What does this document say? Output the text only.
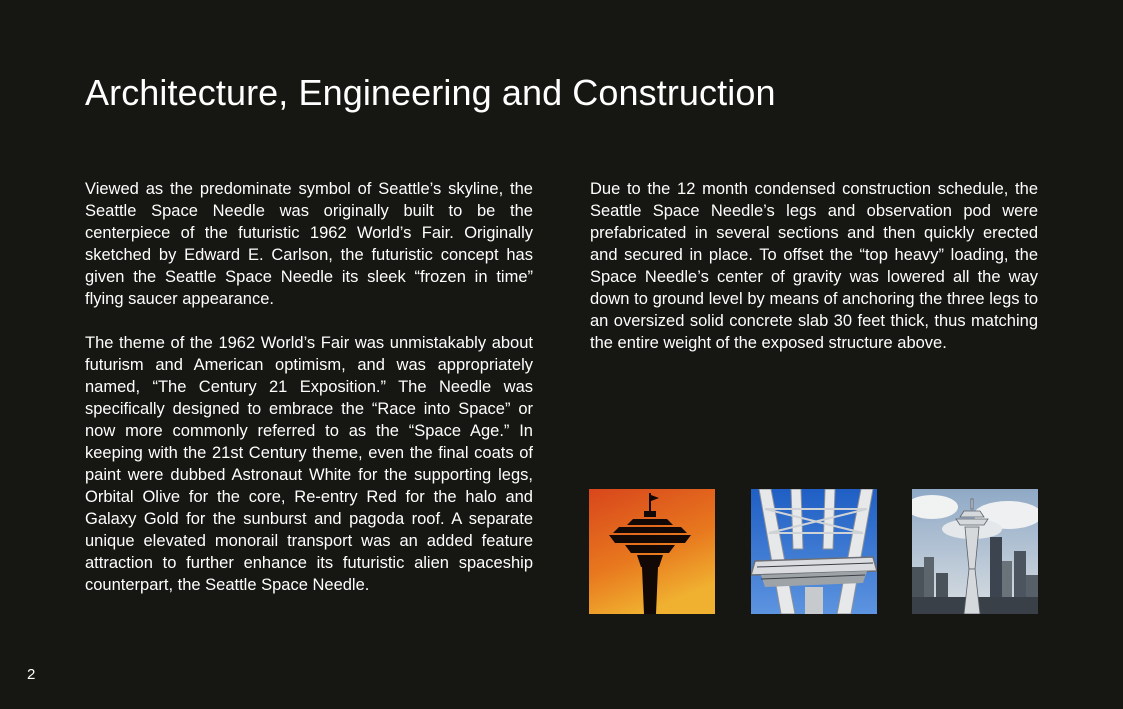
Architecture, Engineering and Construction

Viewed as the predominate symbol of Seattle’s skyline, the Seattle Space Needle was originally built to be the centerpiece of the futuristic 1962 World’s Fair. Originally sketched by Edward E. Carlson, the futuristic concept has given the Seattle Space Needle its sleek “frozen in time” flying saucer appearance.

The theme of the 1962 World’s Fair was unmistakably about futurism and American optimism, and was appropriately named, “The Century 21 Exposition.” The Needle was specifically designed to embrace the “Race into Space” or now more commonly referred to as the “Space Age.” In keeping with the 21st Century theme, even the final coats of paint were dubbed Astronaut White for the supporting legs, Orbital Olive for the core, Re-entry Red for the halo and Galaxy Gold for the sunburst and pagoda roof. A separate unique elevated monorail transport was an added feature attraction to further enhance its futuristic alien spaceship counterpart, the Seattle Space Needle.

Due to the 12 month condensed construction schedule, the Seattle Space Needle’s legs and observation pod were prefabricated in several sections and then quickly erected and secured in place. To offset the “top heavy” loading, the Space Needle’s center of gravity was lowered all the way down to ground level by means of anchoring the three legs to an oversized solid concrete slab 30 feet thick, thus matching the entire weight of the exposed structure above.

2
